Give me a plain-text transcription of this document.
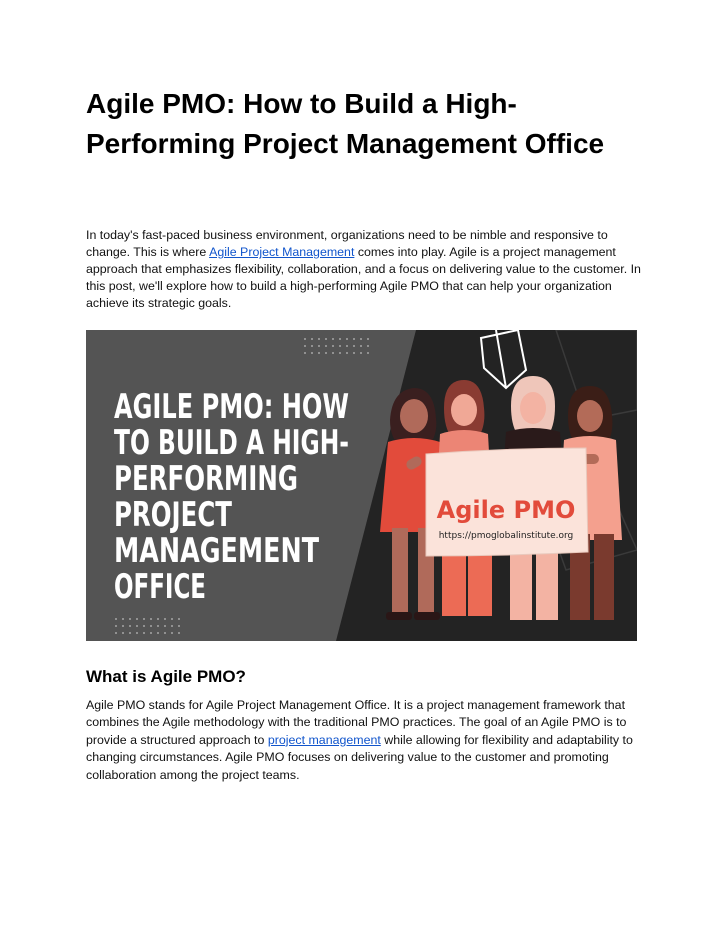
Agile PMO: How to Build a High-Performing Project Management Office

In today's fast-paced business environment, organizations need to be nimble and responsive to change. This is where Agile Project Management comes into play. Agile is a project management approach that emphasizes flexibility, collaboration, and a focus on delivering value to the customer. In this post, we'll explore how to build a high-performing Agile PMO that can help your organization achieve its strategic goals.

AGILE PMO: HOW
TO BUILD A HIGH-
PERFORMING
PROJECT
MANAGEMENT
OFFICE
Agile PMO
https://pmoglobalinstitute.org
What is Agile PMO?

Agile PMO stands for Agile Project Management Office. It is a project management framework that combines the Agile methodology with the traditional PMO practices. The goal of an Agile PMO is to provide a structured approach to project management while allowing for flexibility and adaptability to changing circumstances. Agile PMO focuses on delivering value to the customer and promoting collaboration among the project teams.
